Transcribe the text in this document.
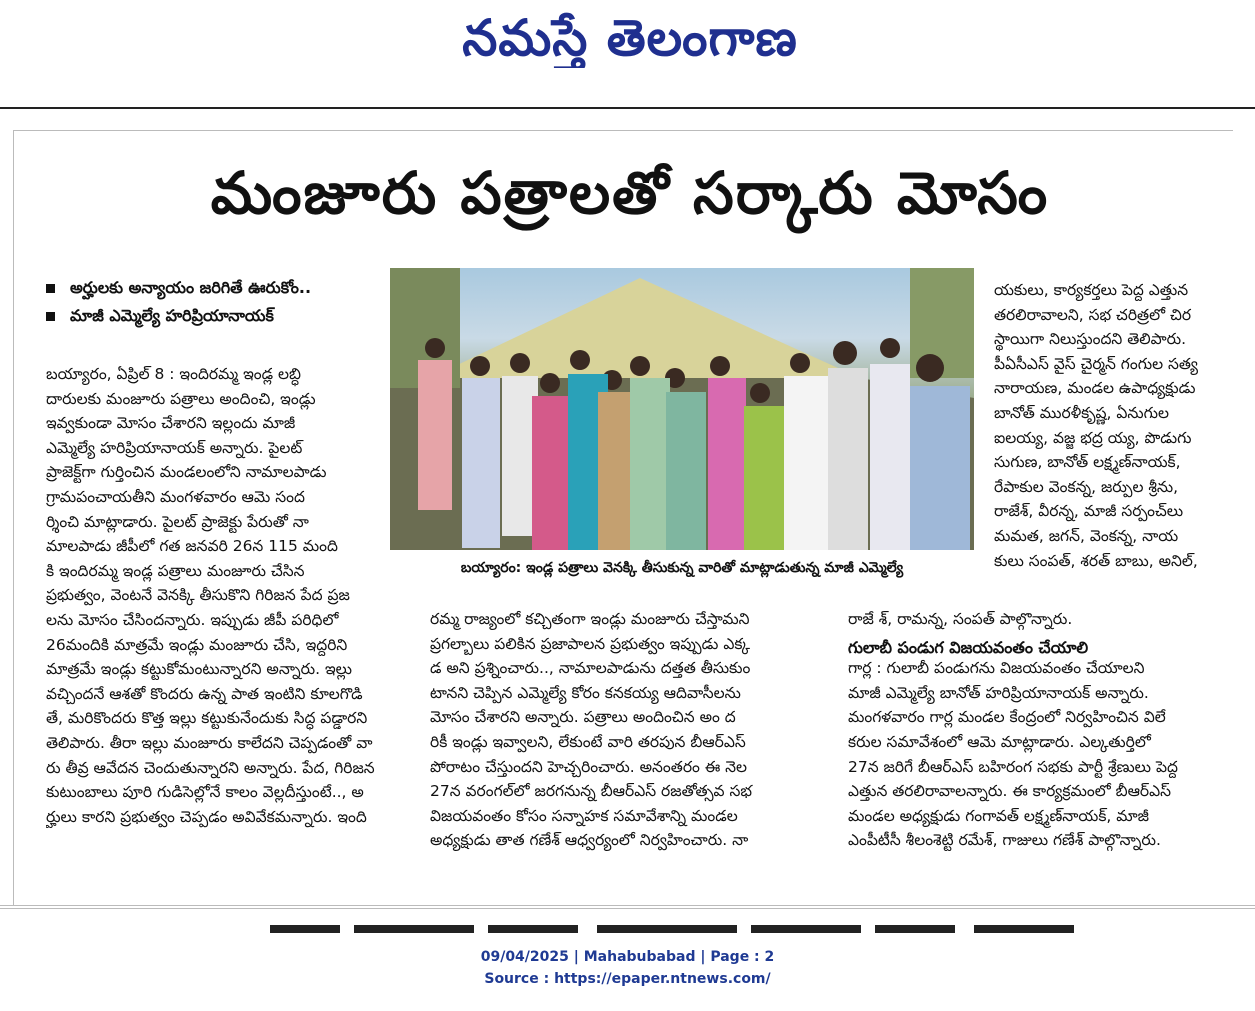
నమస్తే తెలంగాణ
మంజూరు పత్రాలతో సర్కారు మోసం
అర్హులకు అన్యాయం జరిగితే ఊరుకోం..
మాజీ ఎమ్మెల్యే హరిప్రియానాయక్

బయ్యారం, ఏప్రిల్ 8 : ఇందిరమ్మ ఇండ్ల లబ్ధి

దారులకు మంజూరు పత్రాలు అందించి, ఇండ్లు

ఇవ్వకుండా మోసం చేశారని ఇల్లందు మాజీ

ఎమ్మెల్యే హరిప్రియానాయక్ అన్నారు. పైలట్

ప్రాజెక్ట్‌గా గుర్తించిన మండలంలోని నామాలపాడు

గ్రామపంచాయతీని మంగళవారం ఆమె సంద

ర్శించి మాట్లాడారు. పైలట్ ప్రాజెక్టు పేరుతో నా

మాలపాడు జీపీలో గత జనవరి 26న 115 మంది

కి ఇందిరమ్మ ఇండ్ల పత్రాలు మంజూరు చేసిన

ప్రభుత్వం, వెంటనే వెనక్కి తీసుకొని గిరిజన పేద ప్రజ

లను మోసం చేసిందన్నారు. ఇప్పుడు జీపీ పరిధిలో

26మందికి మాత్రమే ఇండ్లు మంజూరు చేసి, ఇద్దరిని

మాత్రమే ఇండ్లు కట్టుకోమంటున్నారని అన్నారు. ఇల్లు

వచ్చిందనే ఆశతో కొందరు ఉన్న పాత ఇంటిని కూలగొడి

తే, మరికొందరు కొత్త ఇల్లు కట్టుకునేందుకు సిద్ధ పడ్డారని

తెలిపారు. తీరా ఇల్లు మంజూరు కాలేదని చెప్పడంతో వా

రు తీవ్ర ఆవేదన చెందుతున్నారని అన్నారు. పేద, గిరిజన

కుటుంబాలు పూరి గుడిసెల్లోనే కాలం వెల్లదీస్తుంటే.., అ

ర్హులు కారని ప్రభుత్వం చెప్పడం అవివేకమన్నారు. ఇంది

బయ్యారం: ఇండ్ల పత్రాలు వెనక్కి తీసుకున్న వారితో మాట్లాడుతున్న మాజీ ఎమ్మెల్యే

రమ్మ రాజ్యంలో కచ్చితంగా ఇండ్లు మంజూరు చేస్తామని

ప్రగల్బాలు పలికిన ప్రజాపాలన ప్రభుత్వం ఇప్పుడు ఎక్క

డ అని ప్రశ్నించారు.., నామాలపాడును దత్తత తీసుకుం

టానని చెప్పిన ఎమ్మెల్యే కోరం కనకయ్య ఆదివాసీలను

మోసం చేశారని అన్నారు. పత్రాలు అందించిన అం ద

రికీ ఇండ్లు ఇవ్వాలని, లేకుంటే వారి తరపున బీఆర్‌ఎస్

పోరాటం చేస్తుందని హెచ్చరించారు. అనంతరం ఈ నెల

27న వరంగల్‌లో జరగనున్న బీఆర్‌ఎస్ రజతోత్సవ సభ

విజయవంతం కోసం సన్నాహక సమావేశాన్ని మండల

అధ్యక్షుడు తాత గణేశ్ ఆధ్వర్యంలో నిర్వహించారు. నా

యకులు, కార్యకర్తలు పెద్ద ఎత్తున

తరలిరావాలని, సభ చరిత్రలో చిర

స్థాయిగా నిలుస్తుందని తెలిపారు.

పీఏసీఎస్ వైస్ చైర్మన్ గంగుల సత్య

నారాయణ, మండల ఉపాధ్యక్షుడు

బానోత్ మురళీకృష్ణ, ఏనుగుల

ఐలయ్య, వజ్జ భద్ర య్య, పొడుగు

సుగుణ, బానోత్ లక్ష్మణ్‌నాయక్,

రేపాకుల వెంకన్న, జర్పుల శ్రీను,

రాజేశ్, వీరన్న, మాజీ సర్పంచ్‌లు

మమత, జగన్, వెంకన్న, నాయ

కులు సంపత్, శరత్ బాబు, అనిల్,

రాజే శ్, రామన్న, సంపత్ పాల్గొన్నారు.

గార్ల : గులాబీ పండుగను విజయవంతం చేయాలని

మాజీ ఎమ్మెల్యే బానోత్ హరిప్రియానాయక్ అన్నారు.

మంగళవారం గార్ల మండల కేంద్రంలో నిర్వహించిన విలే

కరుల సమావేశంలో ఆమె మాట్లాడారు. ఎల్కతుర్తిలో

27న జరిగే బీఆర్‌ఎస్ బహిరంగ సభకు పార్టీ శ్రేణులు పెద్ద

ఎత్తున తరలిరావాలన్నారు. ఈ కార్యక్రమంలో బీఆర్‌ఎస్

మండల అధ్యక్షుడు గంగావత్ లక్ష్మణ్‌నాయక్, మాజీ

ఎంపీటీసీ శీలంశెట్టి రమేశ్, గాజులు గణేశ్ పాల్గొన్నారు.

గులాబీ పండుగ విజయవంతం చేయాలి

09/04/2025 | Mahabubabad | Page : 2
Source : https://epaper.ntnews.com/
